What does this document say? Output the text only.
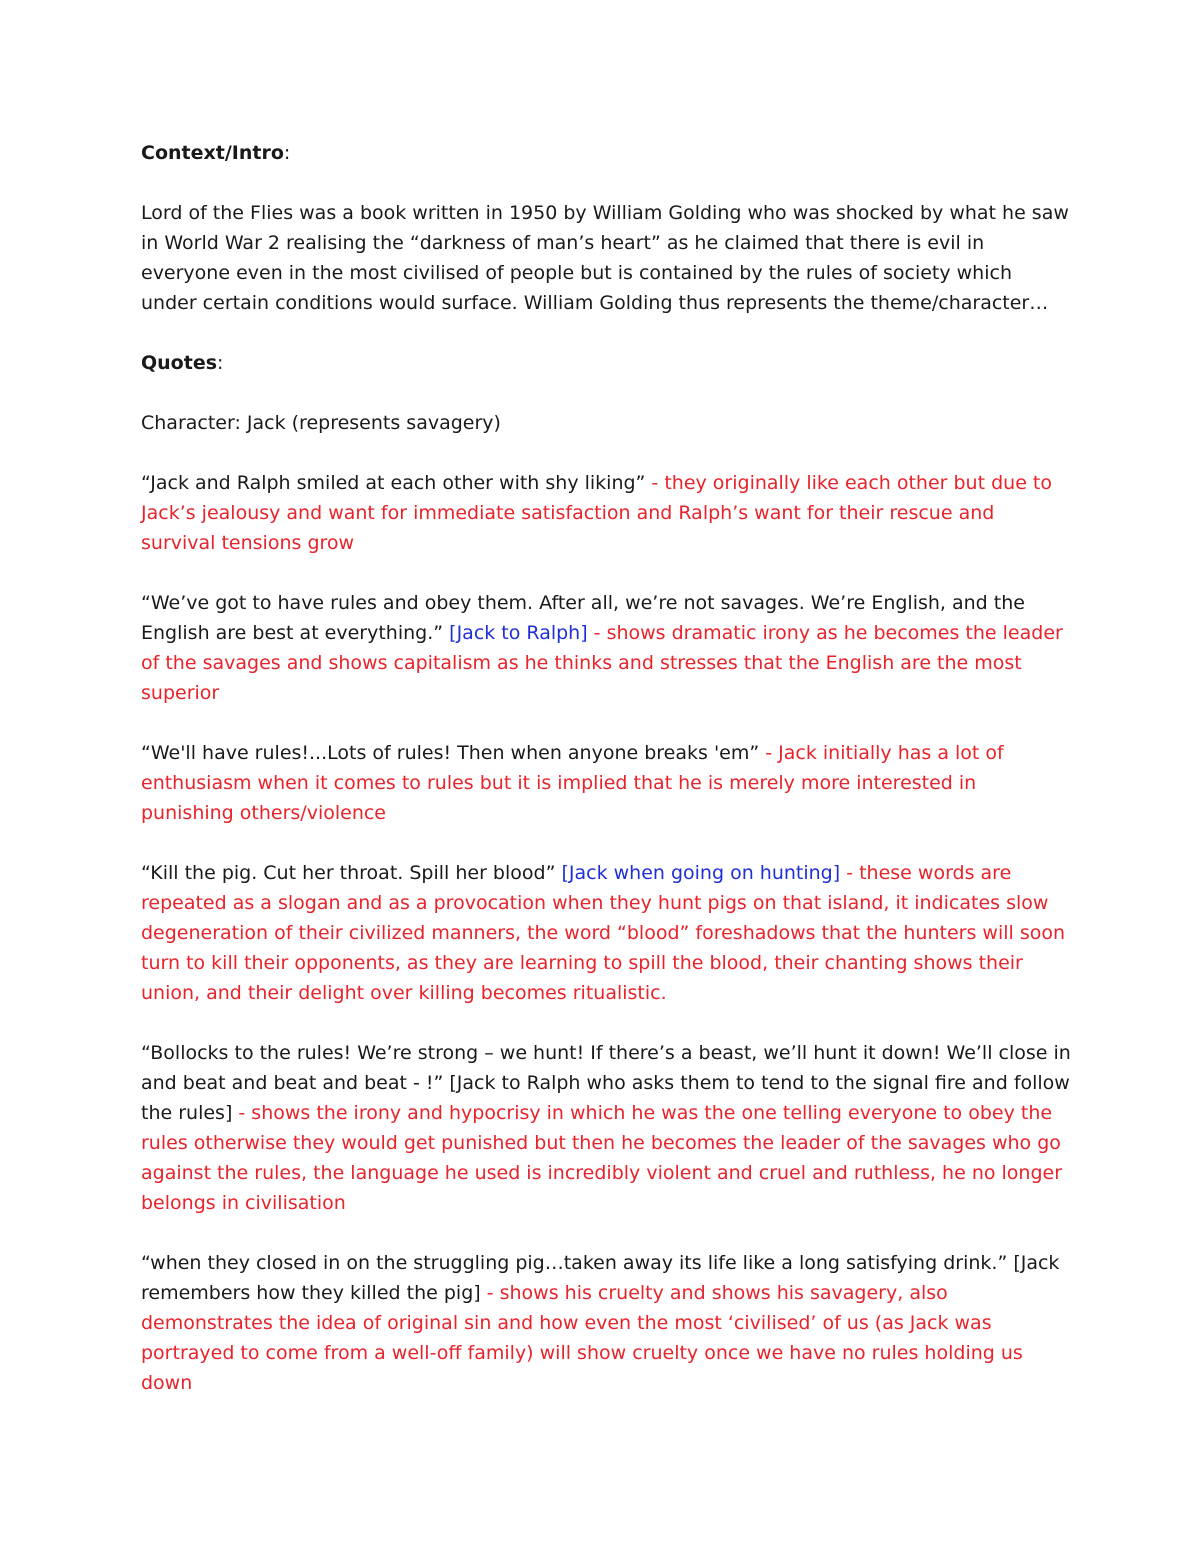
Context/Intro:

Lord of the Flies was a book written in 1950 by William Golding who was shocked by what he saw in World War 2 realising the “darkness of man’s heart” as he claimed that there is evil in everyone even in the most civilised of people but is contained by the rules of society which under certain conditions would surface. William Golding thus represents the theme/character…

Quotes:

Character: Jack (represents savagery)

“Jack and Ralph smiled at each other with shy liking” - they originally like each other but due to Jack’s jealousy and want for immediate satisfaction and Ralph’s want for their rescue and survival tensions grow

“We’ve got to have rules and obey them. After all, we’re not savages. We’re English, and the English are best at everything.” [Jack to Ralph] - shows dramatic irony as he becomes the leader of the savages and shows capitalism as he thinks and stresses that the English are the most superior

“We'll have rules!...Lots of rules! Then when anyone breaks 'em” - Jack initially has a lot of enthusiasm when it comes to rules but it is implied that he is merely more interested in punishing others/violence

“Kill the pig. Cut her throat. Spill her blood” [Jack when going on hunting] - these words are repeated as a slogan and as a provocation when they hunt pigs on that island, it indicates slow degeneration of their civilized manners, the word “blood” foreshadows that the hunters will soon turn to kill their opponents, as they are learning to spill the blood, their chanting shows their union, and their delight over killing becomes ritualistic.

“Bollocks to the rules! We’re strong – we hunt! If there’s a beast, we’ll hunt it down! We’ll close in and beat and beat and beat - !” [Jack to Ralph who asks them to tend to the signal fire and follow the rules] - shows the irony and hypocrisy in which he was the one telling everyone to obey the rules otherwise they would get punished but then he becomes the leader of the savages who go against the rules, the language he used is incredibly violent and cruel and ruthless, he no longer belongs in civilisation

“when they closed in on the struggling pig…taken away its life like a long satisfying drink.” [Jack remembers how they killed the pig] - shows his cruelty and shows his savagery, also demonstrates the idea of original sin and how even the most ‘civilised’ of us (as Jack was portrayed to come from a well-off family) will show cruelty once we have no rules holding us down
